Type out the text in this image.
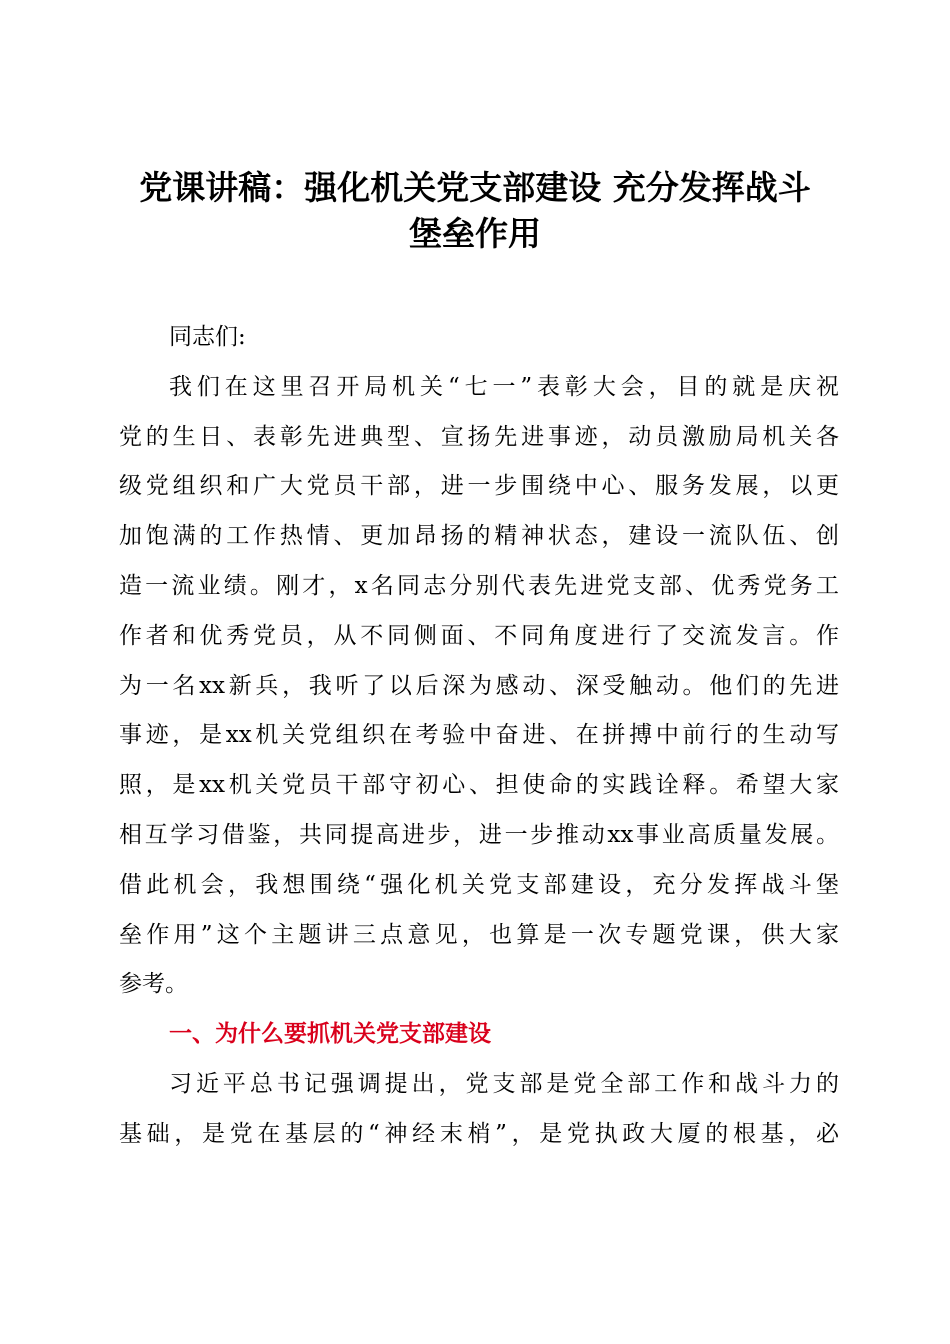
党课讲稿：强化机关党支部建设 充分发挥战斗
堡垒作用
同志们:
我们在这里召开局机关“七一”表彰大会，目的就是庆祝
党的生日、表彰先进典型、宣扬先进事迹，动员激励局机关各
级党组织和广大党员干部，进一步围绕中心、服务发展，以更
加饱满的工作热情、更加昂扬的精神状态，建设一流队伍、创
造一流业绩。刚才，x名同志分别代表先进党支部、优秀党务工
作者和优秀党员，从不同侧面、不同角度进行了交流发言。作
为一名xx新兵，我听了以后深为感动、深受触动。他们的先进
事迹，是xx机关党组织在考验中奋进、在拼搏中前行的生动写
照，是xx机关党员干部守初心、担使命的实践诠释。希望大家
相互学习借鉴，共同提高进步，进一步推动xx事业高质量发展。
借此机会，我想围绕“强化机关党支部建设，充分发挥战斗堡
垒作用”这个主题讲三点意见，也算是一次专题党课，供大家
参考。
一、为什么要抓机关党支部建设
习近平总书记强调提出，党支部是党全部工作和战斗力的
基础，是党在基层的“神经末梢”，是党执政大厦的根基，必
